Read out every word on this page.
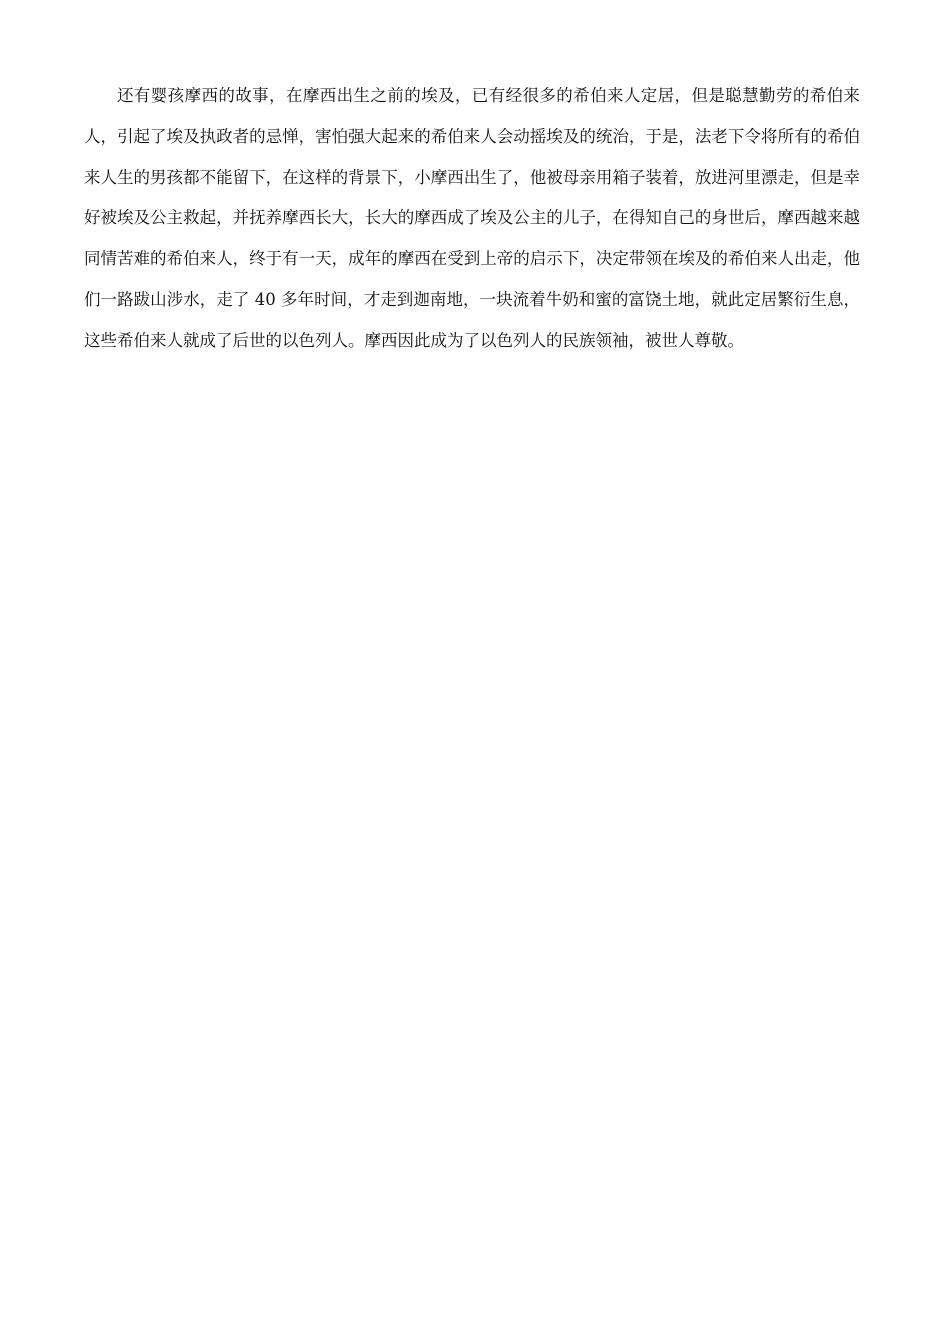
还有婴孩摩西的故事，在摩西出生之前的埃及，已有经很多的希伯来人定居，但是聪慧勤劳的希伯来人，引起了埃及执政者的忌惮，害怕强大起来的希伯来人会动摇埃及的统治，于是，法老下令将所有的希伯来人生的男孩都不能留下，在这样的背景下，小摩西出生了，他被母亲用箱子装着，放进河里漂走，但是幸好被埃及公主救起，并抚养摩西长大，长大的摩西成了埃及公主的儿子，在得知自己的身世后，摩西越来越同情苦难的希伯来人，终于有一天，成年的摩西在受到上帝的启示下，决定带领在埃及的希伯来人出走，他们一路跋山涉水，走了 40 多年时间，才走到迦南地，一块流着牛奶和蜜的富饶土地，就此定居繁衍生息，这些希伯来人就成了后世的以色列人。摩西因此成为了以色列人的民族领袖，被世人尊敬。
